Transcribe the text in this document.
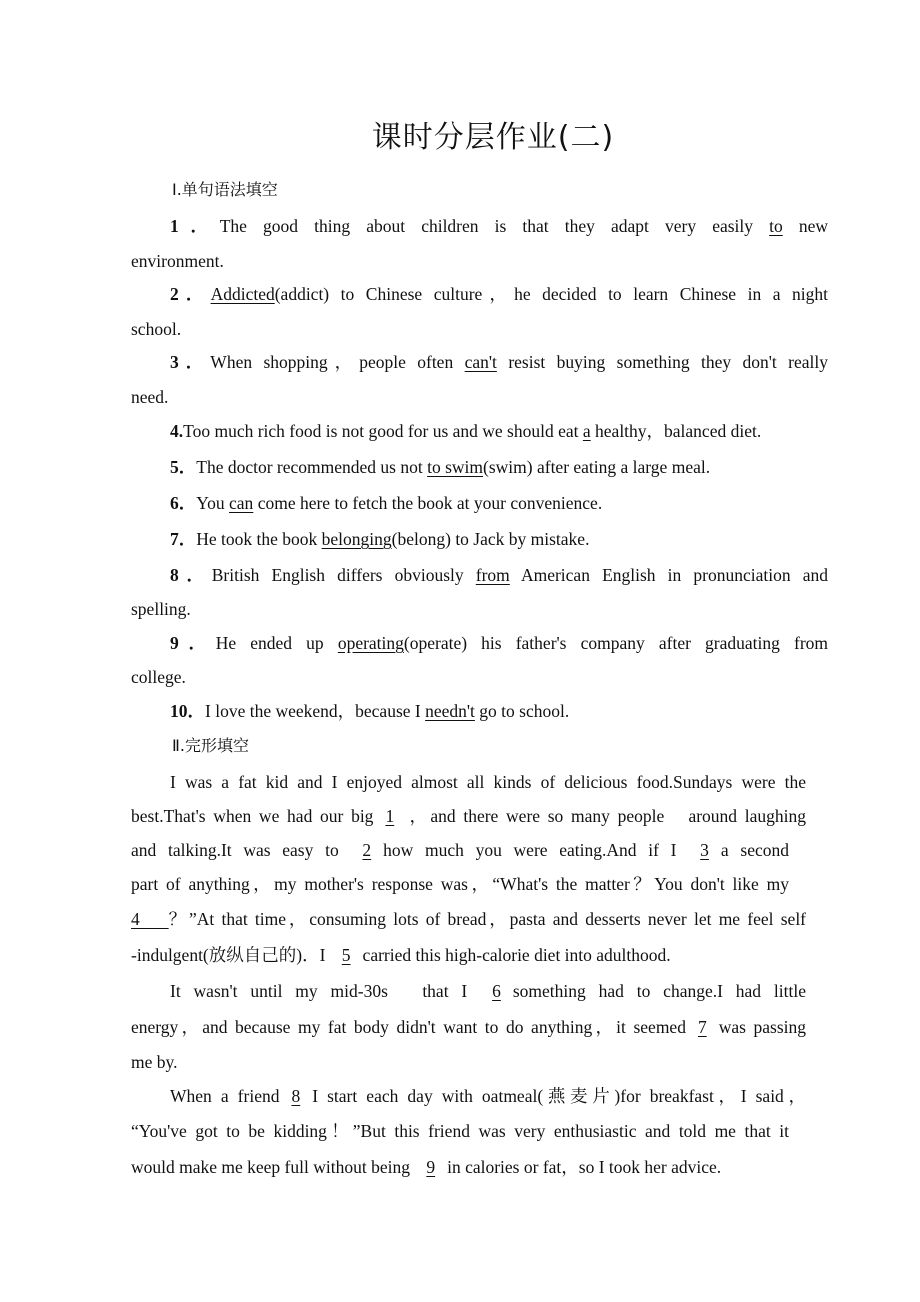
课时分层作业(二)
Ⅰ.单句语法填空
1．The good thing about children is that they adapt very easily to new
environment.
2．Addicted(addict) to Chinese culture，he decided to learn Chinese in a night
school.
3．When shopping，people often can't resist buying something they don't really
need.
4.Too much rich food is not good for us and we should eat a healthy，balanced diet.
5．The doctor recommended us not to swim(swim) after eating a large meal.
6．You can come here to fetch the book at your convenience.
7．He took the book belonging(belong) to Jack by mistake.
8．British English differs obviously from American English in pronunciation and
spelling.
9．He ended up operating(operate) his father's company after graduating from
college.
10．I love the weekend，because I needn't go to school.
Ⅱ.完形填空
I was a fat kid and I enjoyed almost all kinds of delicious food.Sundays were the
best.That's when we had our big 1 ，and there were so many people　around laughing
and talking.It was easy to 2 how much you were eating.And if I 3 a second
part of anything，my mother's response was，“What's the matter？You don't like my
4    ？”At that time，consuming lots of bread，pasta and desserts never let me feel self
-indulgent(放纵自己的)．I 5 carried this high-calorie diet into adulthood.
It wasn't until my mid-30s　that I 6 something had to change.I had little
energy，and because my fat body didn't want to do anything，it seemed 7 was passing
me by.
When a friend 8 I start each day with oatmeal(燕麦片)for breakfast，I said，
“You've got to be kidding！”But this friend was very enthusiastic and told me that it
would make me keep full without being 9 in calories or fat，so I took her advice.
